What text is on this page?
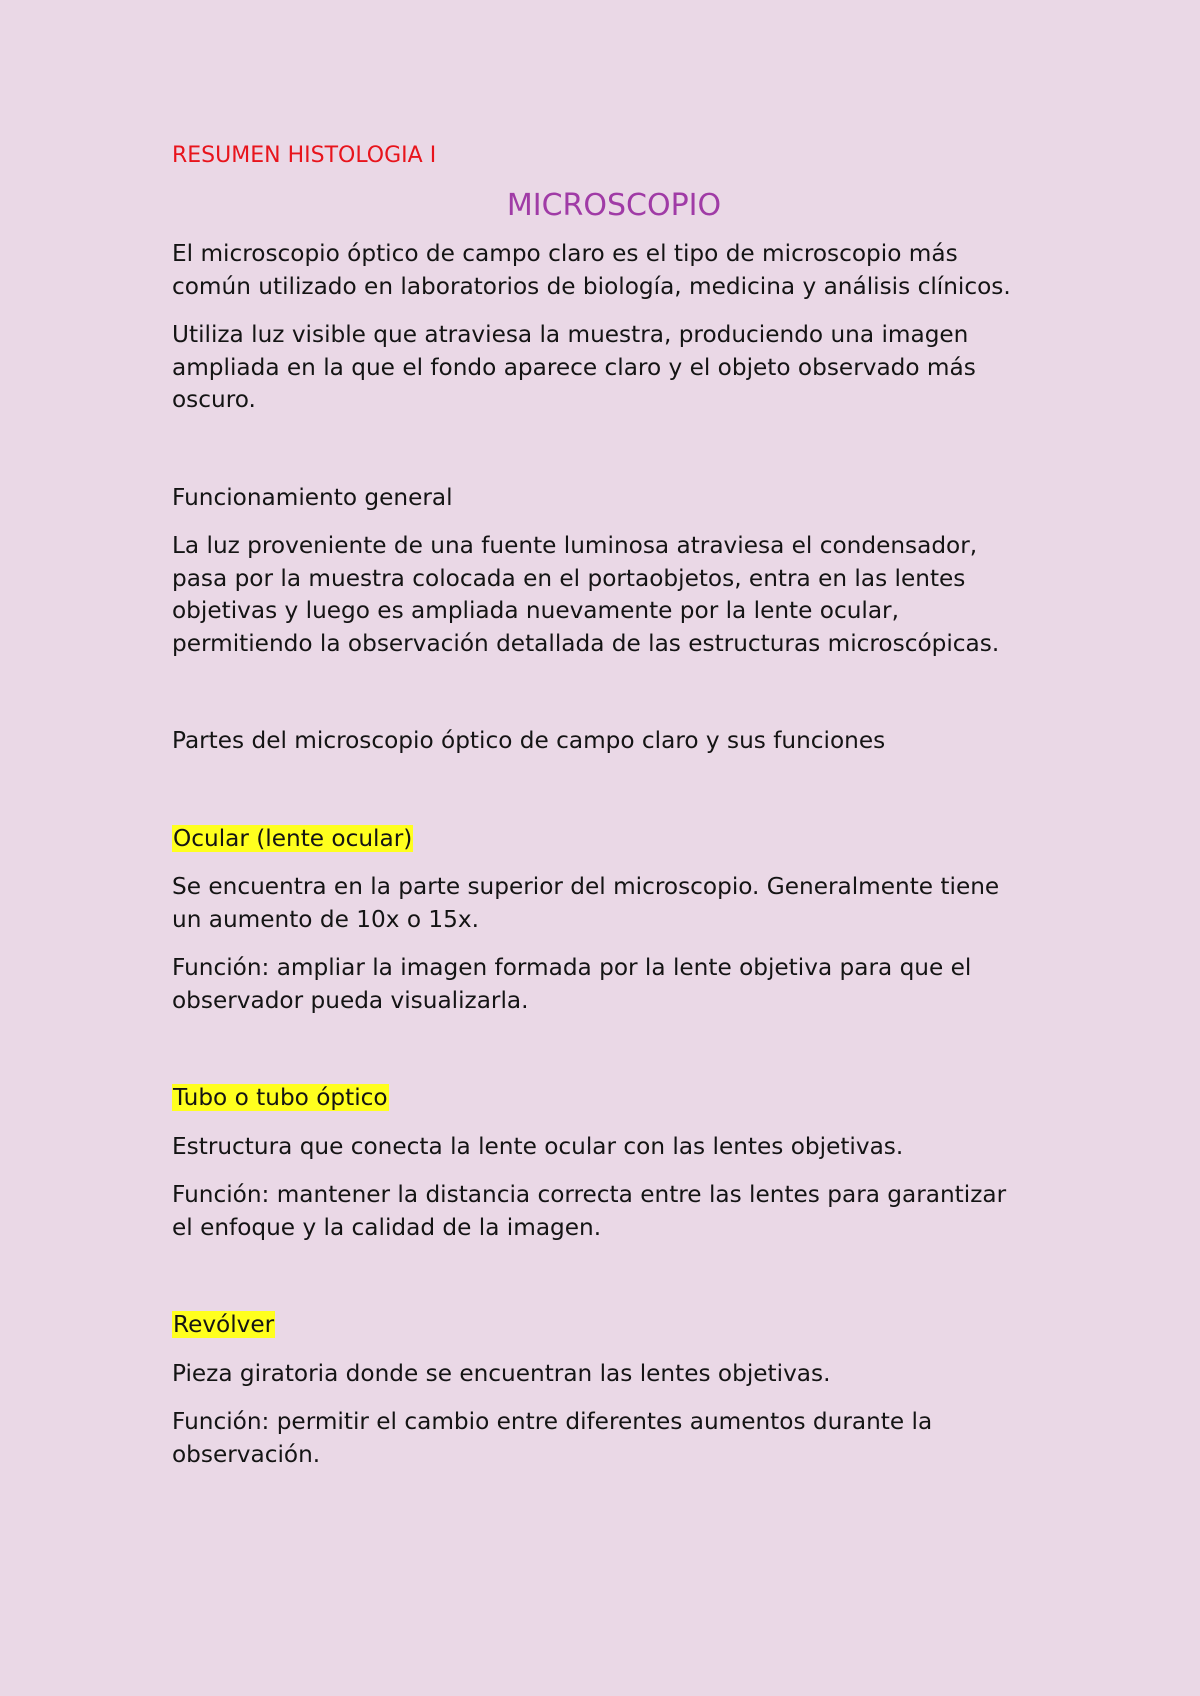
RESUMEN HISTOLOGIA I

MICROSCOPIO

El microscopio óptico de campo claro es el tipo de microscopio más común utilizado en laboratorios de biología, medicina y análisis clínicos.

Utiliza luz visible que atraviesa la muestra, produciendo una imagen ampliada en la que el fondo aparece claro y el objeto observado más oscuro.

Funcionamiento general

La luz proveniente de una fuente luminosa atraviesa el condensador, pasa por la muestra colocada en el portaobjetos, entra en las lentes objetivas y luego es ampliada nuevamente por la lente ocular, permitiendo la observación detallada de las estructuras microscópicas.

Partes del microscopio óptico de campo claro y sus funciones
Ocular (lente ocular)

Se encuentra en la parte superior del microscopio. Generalmente tiene un aumento de 10x o 15x.

Función: ampliar la imagen formada por la lente objetiva para que el observador pueda visualizarla.

Tubo o tubo óptico

Estructura que conecta la lente ocular con las lentes objetivas.

Función: mantener la distancia correcta entre las lentes para garantizar el enfoque y la calidad de la imagen.

Revólver

Pieza giratoria donde se encuentran las lentes objetivas.

Función: permitir el cambio entre diferentes aumentos durante la observación.
